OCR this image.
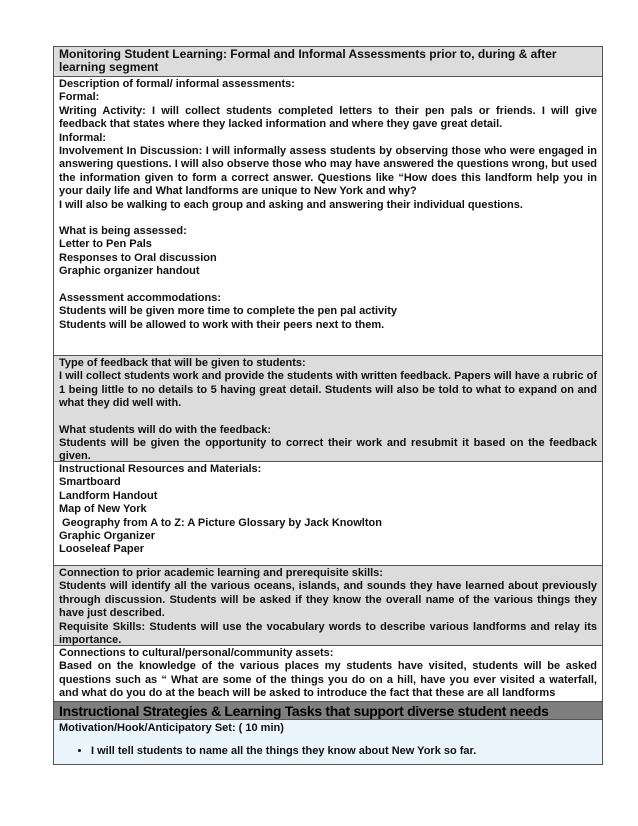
Monitoring Student Learning: Formal and Informal Assessments prior to, during & after learning segment
Description of formal/ informal assessments:
Formal:
Writing Activity: I will collect students completed letters to their pen pals or friends. I will give feedback that states where they lacked information and where they gave great detail.
Informal:
Involvement In Discussion: I will informally assess students by observing those who were engaged in answering questions. I will also observe those who may have answered the questions wrong, but used the information given to form a correct answer. Questions like “How does this landform help you in your daily life and What landforms are unique to New York and why?
I will also be walking to each group and asking and answering their individual questions.
What is being assessed:
Letter to Pen Pals
Responses to Oral discussion
Graphic organizer handout
Assessment accommodations:
Students will be given more time to complete the pen pal activity
Students will be allowed to work with their peers next to them.
Type of feedback that will be given to students:
I will collect students work and provide the students with written feedback. Papers will have a rubric of 1 being little to no details to 5 having great detail. Students will also be told to what to expand on and what they did well with.
What students will do with the feedback:
Students will be given the opportunity to correct their work and resubmit it based on the feedback given.
Instructional Resources and Materials:
Smartboard
Landform Handout
Map of New York
Geography from A to Z: A Picture Glossary by Jack Knowlton
Graphic Organizer
Looseleaf Paper
Connection to prior academic learning and prerequisite skills:
Students will identify all the various oceans, islands, and sounds they have learned about previously through discussion. Students will be asked if they know the overall name of the various things they have just described.
Requisite Skills: Students will use the vocabulary words to describe various landforms and relay its importance.
Connections to cultural/personal/community assets:
Based on the knowledge of the various places my students have visited, students will be asked questions such as “ What are some of the things you do on a hill, have you ever visited a waterfall, and what do you do at the beach will be asked to introduce the fact that these are all landforms
Instructional Strategies & Learning Tasks that support diverse student needs
Motivation/Hook/Anticipatory Set: ( 10 min)
• I will tell students to name all the things they know about New York so far.
